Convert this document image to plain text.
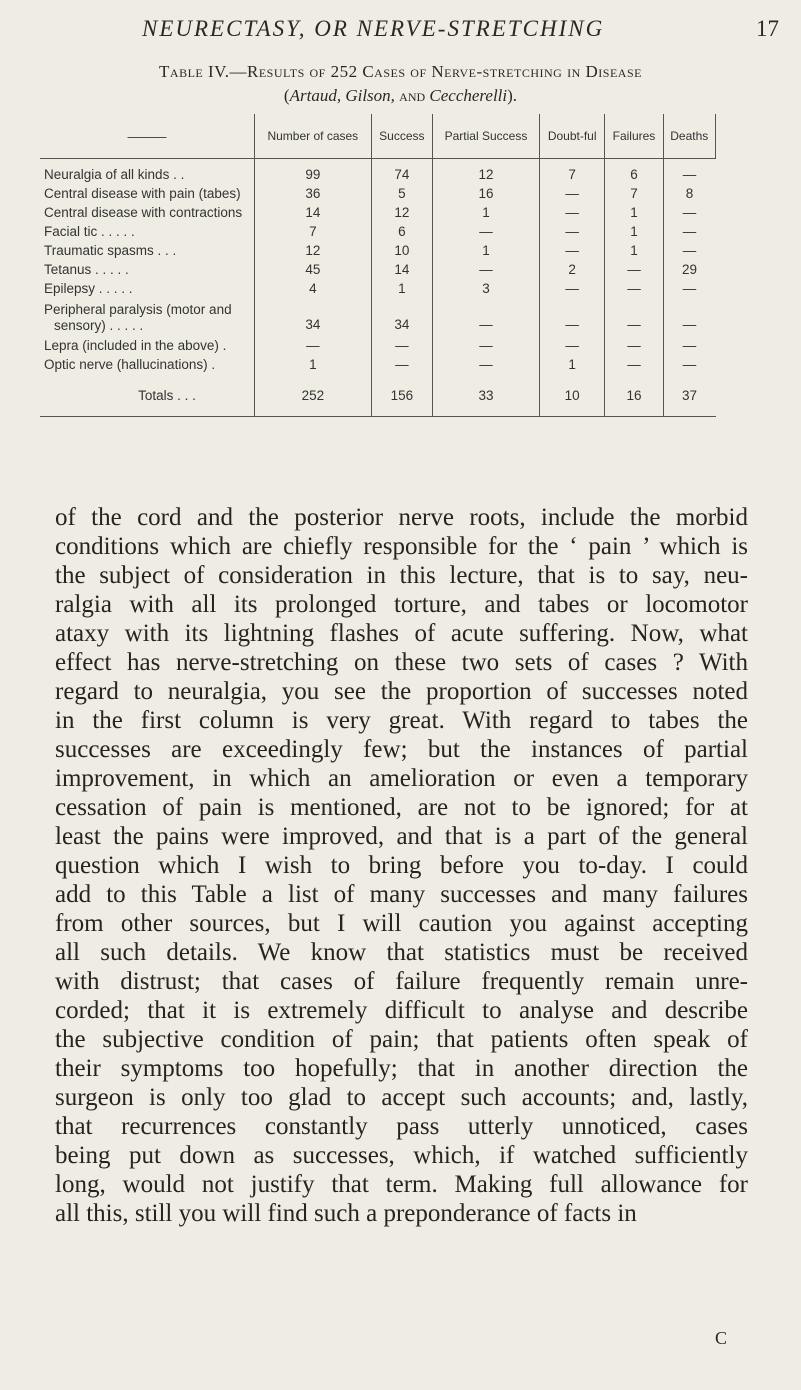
NEURECTASY, OR NERVE-STRETCHING	17
Table IV.—Results of 252 Cases of Nerve-stretching in Disease
(Artaud, Gilson, and Ceccherelli).
———	Number of cases	Success	Partial Success	Doubt-ful	Failures	Deaths
Neuralgia of all kinds . .	99	74	12	7	6	—
Central disease with pain (tabes)	36	5	16	—	7	8
Central disease with contractions	14	12	1	—	1	—
Facial tic . . . . .	7	6	—	—	1	—
Traumatic spasms . . .	12	10	1	—	1	—
Tetanus . . . . .	45	14	—	2	—	29
Epilepsy . . . . .	4	1	3	—	—	—
Peripheral paralysis (motor and
sensory) . . . . .	34	34	—	—	—	—
Lepra (included in the above) .	—	—	—	—	—	—
Optic nerve (hallucinations) .	1	—	—	1	—	—

Totals . . .	252	156	33	10	16	37
of the cord and the posterior nerve roots, include the morbid
conditions which are chiefly responsible for the ‘ pain ’ which is
the subject of consideration in this lecture, that is to say, neu-
ralgia with all its prolonged torture, and tabes or locomotor
ataxy with its lightning flashes of acute suffering. Now, what
effect has nerve-stretching on these two sets of cases ? With
regard to neuralgia, you see the proportion of successes noted
in the first column is very great. With regard to tabes the
successes are exceedingly few; but the instances of partial
improvement, in which an amelioration or even a temporary
cessation of pain is mentioned, are not to be ignored; for at
least the pains were improved, and that is a part of the general
question which I wish to bring before you to-day. I could
add to this Table a list of many successes and many failures
from other sources, but I will caution you against accepting
all such details. We know that statistics must be received
with distrust; that cases of failure frequently remain unre-
corded; that it is extremely difficult to analyse and describe
the subjective condition of pain; that patients often speak of
their symptoms too hopefully; that in another direction the
surgeon is only too glad to accept such accounts; and, lastly,
that recurrences constantly pass utterly unnoticed, cases
being put down as successes, which, if watched sufficiently
long, would not justify that term. Making full allowance for
all this, still you will find such a preponderance of facts in
C
